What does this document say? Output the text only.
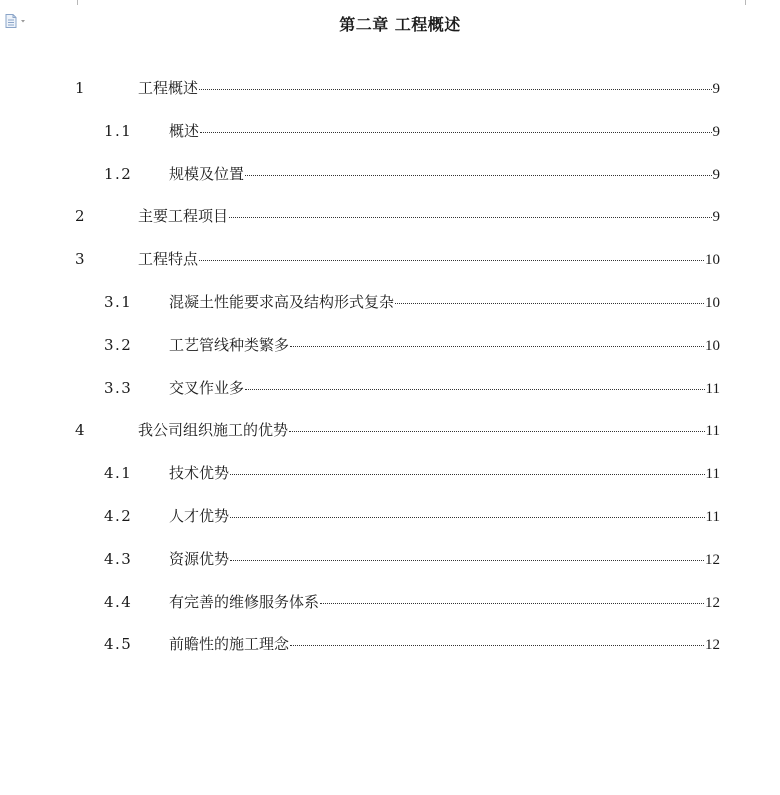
第二章 工程概述
1	工程概述	9
1.1 概述	9
1.2 规模及位置	9
2	主要工程项目	9
3	工程特点	10
3.1 混凝土性能要求高及结构形式复杂	10
3.2 工艺管线种类繁多	10
3.3 交叉作业多	11
4	我公司组织施工的优势	11
4.1 技术优势	11
4.2 人才优势	11
4.3 资源优势	12
4.4 有完善的维修服务体系	12
4.5 前瞻性的施工理念	12
